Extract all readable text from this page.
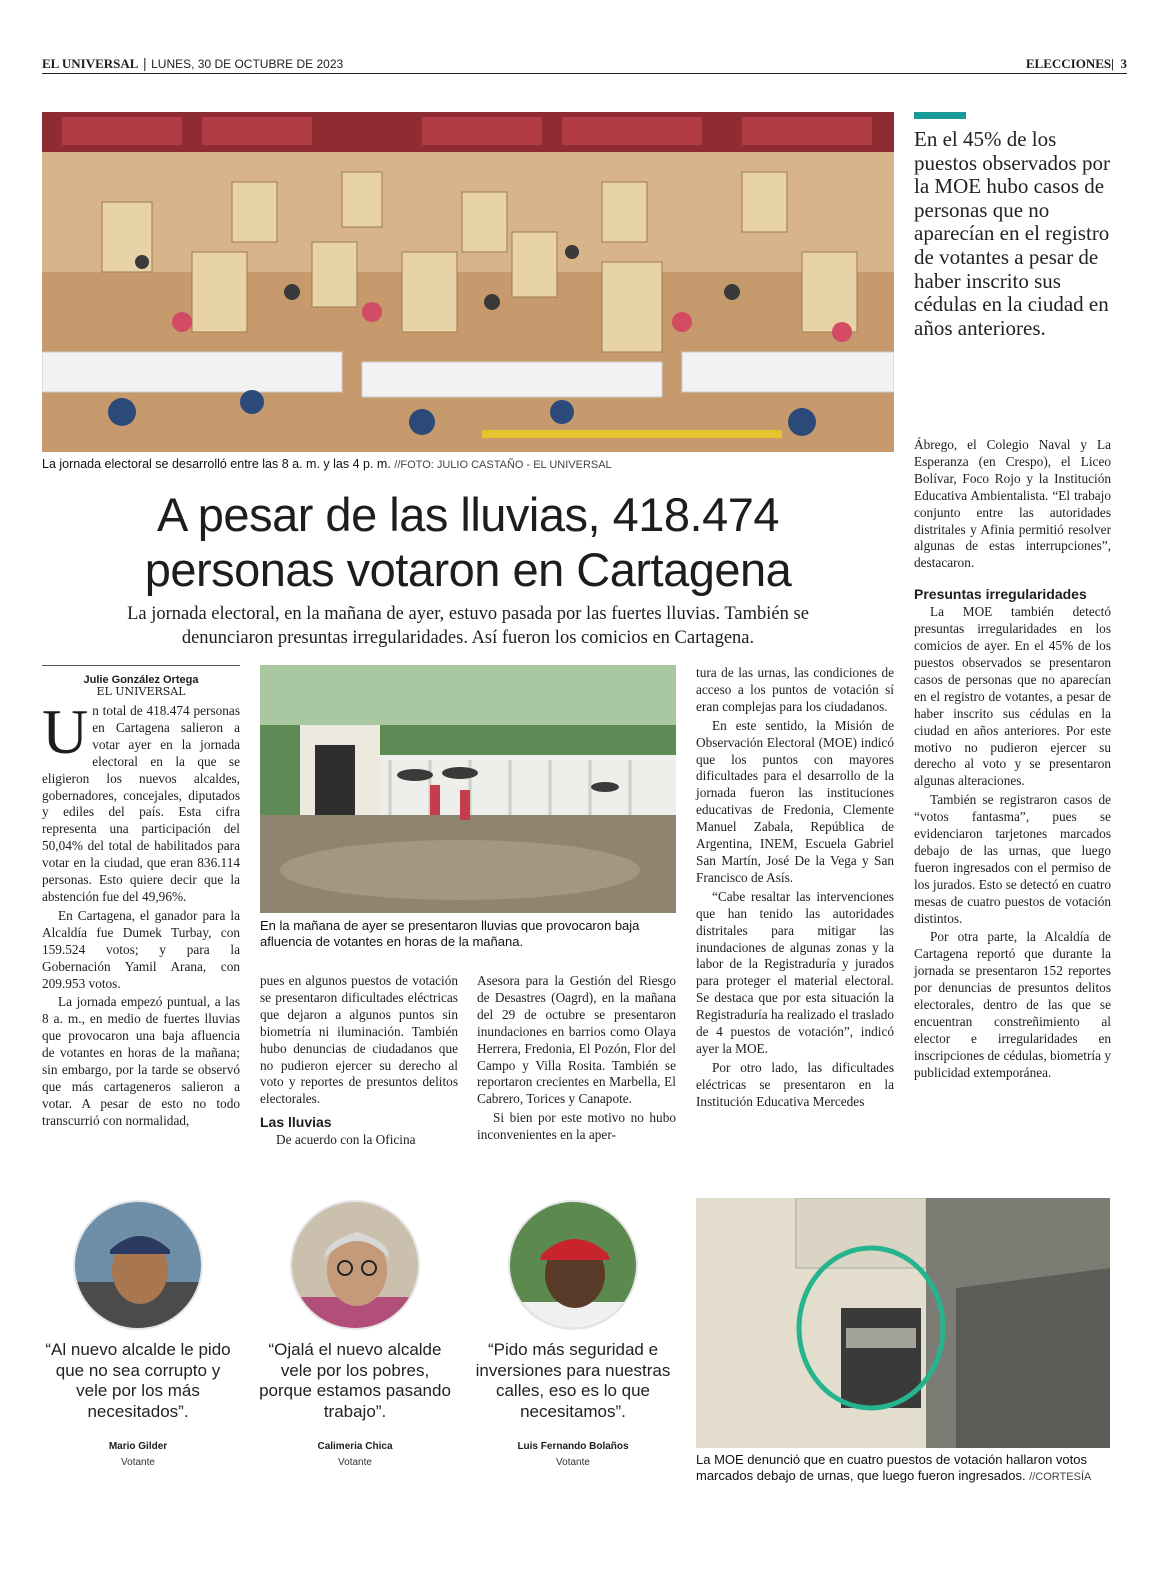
EL UNIVERSAL | LUNES, 30 DE OCTUBRE DE 2023	ELECCIONES|  3
La jornada electoral se desarrolló entre las 8 a. m. y las 4 p. m. //FOTO: JULIO CASTAÑO - EL UNIVERSAL
En el 45% de los puestos observados por la MOE hubo casos de personas que no aparecían en el registro de votantes a pesar de haber inscrito sus cédulas en la ciudad en años anteriores.
A pesar de las lluvias, 418.474
personas votaron en Cartagena
La jornada electoral, en la mañana de ayer, estuvo pasada por las fuertes lluvias. También se
denunciaron presuntas irregularidades. Así fueron los comicios en Cartagena.
Julie González Ortega
EL UNIVERSAL

Un total de 418.474 personas en Cartagena salieron a votar ayer en la jornada electoral en la que se eligieron los nuevos alcaldes, gobernadores, concejales, diputados y ediles del país. Esta cifra representa una participación del 50,04% del total de habilitados para votar en la ciudad, que eran 836.114 personas. Esto quiere decir que la abstención fue del 49,96%.

En Cartagena, el ganador para la Alcaldía fue Dumek Turbay, con 159.524 votos; y para la Gobernación Yamil Arana, con 209.953 votos.

La jornada empezó puntual, a las 8 a. m., en medio de fuertes lluvias que provocaron una baja afluencia de votantes en horas de la mañana; sin embargo, por la tarde se observó que más cartageneros salieron a votar. A pesar de esto no todo transcurrió con normalidad,

En la mañana de ayer se presentaron lluvias que provocaron baja afluencia de votantes en horas de la mañana.

pues en algunos puestos de votación se presentaron dificultades eléctricas que dejaron a algunos puntos sin biometría ni iluminación. También hubo denuncias de ciudadanos que no pudieron ejercer su derecho al voto y reportes de presuntos delitos electorales.

Las lluvias

De acuerdo con la Oficina

Asesora para la Gestión del Riesgo de Desastres (Oagrd), en la mañana del 29 de octubre se presentaron inundaciones en barrios como Olaya Herrera, Fredonia, El Pozón, Flor del Campo y Villa Rosita. También se reportaron crecientes en Marbella, El Cabrero, Torices y Canapote.

Si bien por este motivo no hubo inconvenientes en la aper-

tura de las urnas, las condiciones de acceso a los puntos de votación sí eran complejas para los ciudadanos.

En este sentido, la Misión de Observación Electoral (MOE) indicó que los puntos con mayores dificultades para el desarrollo de la jornada fueron las instituciones educativas de Fredonia, Clemente Manuel Zabala, República de Argentina, INEM, Escuela Gabriel San Martín, José De la Vega y San Francisco de Asís.

“Cabe resaltar las intervenciones que han tenido las autoridades distritales para mitigar las inundaciones de algunas zonas y la labor de la Registraduría y jurados para proteger el material electoral. Se destaca que por esta situación la Registraduría ha realizado el traslado de 4 puestos de votación”, indicó ayer la MOE.

Por otro lado, las dificultades eléctricas se presentaron en la Institución Educativa Mercedes

Ábrego, el Colegio Naval y La Esperanza (en Crespo), el Liceo Bolívar, Foco Rojo y la Institución Educativa Ambientalista. “El trabajo conjunto entre las autoridades distritales y Afinia permitió resolver algunas de estas interrupciones”, destacaron.

Presuntas irregularidades

La MOE también detectó presuntas irregularidades en los comicios de ayer. En el 45% de los puestos observados se presentaron casos de personas que no aparecían en el registro de votantes, a pesar de haber inscrito sus cédulas en la ciudad en años anteriores. Por este motivo no pudieron ejercer su derecho al voto y se presentaron algunas alteraciones.

También se registraron casos de “votos fantasma”, pues se evidenciaron tarjetones marcados debajo de las urnas, que luego fueron ingresados con el permiso de los jurados. Esto se detectó en cuatro mesas de cuatro puestos de votación distintos.

Por otra parte, la Alcaldía de Cartagena reportó que durante la jornada se presentaron 152 reportes por denuncias de presuntos delitos electorales, dentro de las que se encuentran constreñimiento al elector e irregularidades en inscripciones de cédulas, biometría y publicidad extemporánea.

“Al nuevo alcalde le pido que no sea corrupto y vele por los más necesitados”.
Mario Gilder
Votante
“Ojalá el nuevo alcalde vele por los pobres, porque estamos pasando trabajo”.
Calimeria Chica
Votante
“Pido más seguridad e inversiones para nuestras calles, eso es lo que necesitamos”.
Luis Fernando Bolaños
Votante	La MOE denunció que en cuatro puestos de votación hallaron votos marcados debajo de urnas, que luego fueron ingresados. //CORTESÍA
